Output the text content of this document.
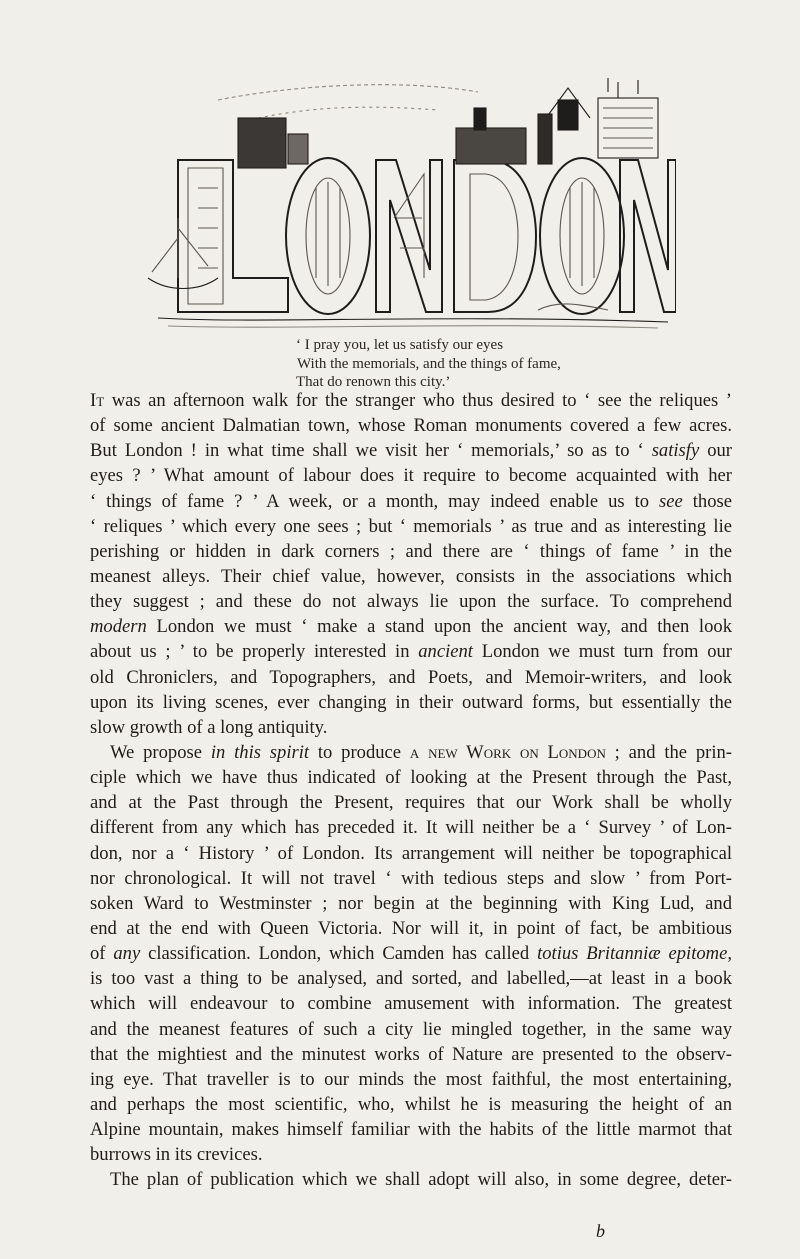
‘ I pray you, let us satisfy our eyes
With the memorials, and the things of fame,
That do renown this city.’
It was an afternoon walk for the stranger who thus desired to ‘ see the reliques ’
of some ancient Dalmatian town, whose Roman monuments covered a few acres.
But London ! in what time shall we visit her ‘ memorials,’ so as to ‘ satisfy our
eyes ? ’ What amount of labour does it require to become acquainted with her
‘ things of fame ? ’ A week, or a month, may indeed enable us to see those
‘ reliques ’ which every one sees ; but ‘ memorials ’ as true and as interesting lie
perishing or hidden in dark corners ; and there are ‘ things of fame ’ in the
meanest alleys. Their chief value, however, consists in the associations which
they suggest ; and these do not always lie upon the surface. To comprehend
modern London we must ‘ make a stand upon the ancient way, and then look
about us ; ’ to be properly interested in ancient London we must turn from our
old Chroniclers, and Topographers, and Poets, and Memoir-writers, and look
upon its living scenes, ever changing in their outward forms, but essentially the
slow growth of a long antiquity.
We propose in this spirit to produce a new Work on London ; and the prin-
ciple which we have thus indicated of looking at the Present through the Past,
and at the Past through the Present, requires that our Work shall be wholly
different from any which has preceded it. It will neither be a ‘ Survey ’ of Lon-
don, nor a ‘ History ’ of London. Its arrangement will neither be topographical
nor chronological. It will not travel ‘ with tedious steps and slow ’ from Port-
soken Ward to Westminster ; nor begin at the beginning with King Lud, and
end at the end with Queen Victoria. Nor will it, in point of fact, be ambitious
of any classification. London, which Camden has called totius Britanniæ epitome,
is too vast a thing to be analysed, and sorted, and labelled,—at least in a book
which will endeavour to combine amusement with information. The greatest
and the meanest features of such a city lie mingled together, in the same way
that the mightiest and the minutest works of Nature are presented to the observ-
ing eye. That traveller is to our minds the most faithful, the most entertaining,
and perhaps the most scientific, who, whilst he is measuring the height of an
Alpine mountain, makes himself familiar with the habits of the little marmot that
burrows in its crevices.
The plan of publication which we shall adopt will also, in some degree, deter-
b
